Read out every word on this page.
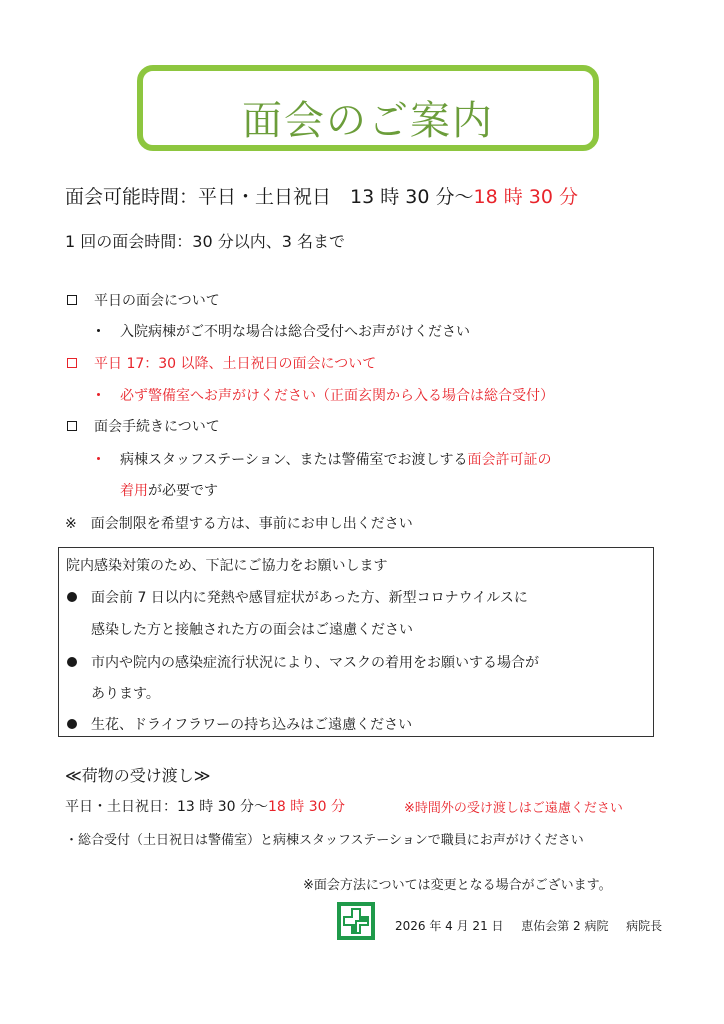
面会のご案内
面会可能時間：平日・土日祝日　13 時 30 分〜18 時 30 分
1 回の面会時間：30 分以内、3 名まで
平日の面会について
入院病棟がご不明な場合は総合受付へお声がけください
平日 17：30 以降、土日祝日の面会について
必ず警備室へお声がけください（正面玄関から入る場合は総合受付）
面会手続きについて
病棟スタッフステーション、または警備室でお渡しする面会許可証の
着用が必要です
※　面会制限を希望する方は、事前にお申し出ください
院内感染対策のため、下記にご協力をお願いします
面会前 7 日以内に発熱や感冒症状があった方、新型コロナウイルスに
感染した方と接触された方の面会はご遠慮ください
市内や院内の感染症流行状況により、マスクの着用をお願いする場合が
あります。
生花、ドライフラワーの持ち込みはご遠慮ください
≪荷物の受け渡し≫
平日・土日祝日：13 時 30 分〜18 時 30 分	※時間外の受け渡しはご遠慮ください
・総合受付（土日祝日は警備室）と病棟スタッフステーションで職員にお声がけください
※面会方法については変更となる場合がございます。
2026 年 4 月 21 日 恵佑会第 2 病院 病院長
